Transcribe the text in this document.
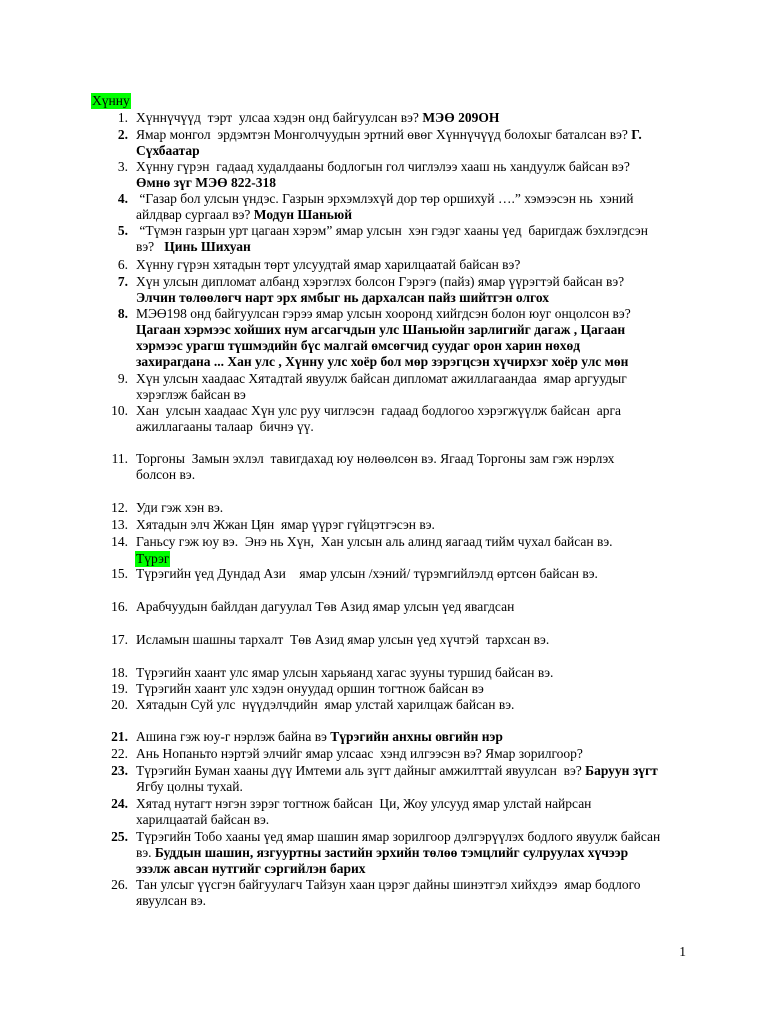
Хүнну
Түрэг
1. Хүннүчүүд  тэрт  улсаа хэдэн онд байгуулсан вэ? МЭӨ 209ОН
2. Ямар монгол  эрдэмтэн Монголчуудын эртний өвөг Хүннүчүүд болохыг баталсан вэ? Г.
Сүхбаатар
3. Хүнну гүрэн  гадаад худалдааны бодлогын гол чиглэлээ хааш нь хандуулж байсан вэ?
Өмнө зүг МЭӨ 822-318
4. “Газар бол улсын үндэс. Газрын эрхэмлэхүй дор төр оршихуй ….” хэмээсэн нь  хэний
айлдвар сургаал вэ? Модун Шаньюй
5. “Түмэн газрын урт цагаан хэрэм” ямар улсын  хэн гэдэг хааны үед  баригдаж бэхлэгдсэн
вэ?   Цинь Шихуан
6. Хүнну гүрэн хятадын төрт улсуудтай ямар харилцаатай байсан вэ?
7. Хүн улсын дипломат албанд хэрэглэх болсон Гэрэгэ (пайз) ямар үүрэгтэй байсан вэ?
Элчин төлөөлөгч нарт эрх ямбыг нь дархалсан пайз шийтгэн олгох
8. МЭӨ198 онд байгуулсан гэрээ ямар улсын хооронд хийгдсэн болон юуг онцолсон вэ?
Цагаан хэрмээс хойших нум агсагчдын улс Шаньюйн зарлигийг дагаж , Цагаан
хэрмээс урагш түшмэдийн бүс малгай өмсөгчид суудаг орон харин нөхөд
захирагдана ... Хан улс , Хүнну улс хоёр бол мөр зэрэгцсэн хүчирхэг хоёр улс мөн
9. Хүн улсын хаадаас Хятадтай явуулж байсан дипломат ажиллагаандаа  ямар аргуудыг
хэрэглэж байсан вэ
10. Хан  улсын хаадаас Хүн улс руу чиглэсэн  гадаад бодлогоо хэрэгжүүлж байсан  арга
ажиллагааны талаар  бичнэ үү.
11. Торгоны  Замын эхлэл  тавигдахад юу нөлөөлсөн вэ. Ягаад Торгоны зам гэж нэрлэх
болсон вэ.
12. Уди гэж хэн вэ.
13. Хятадын элч Жжан Цян  ямар үүрэг гүйцэтгэсэн вэ.
14. Ганьсу гэж юу вэ.  Энэ нь Хүн,  Хан улсын аль алинд яагаад тийм чухал байсан вэ.
15. Түрэгийн үед Дундад Ази    ямар улсын /хэний/ түрэмгийлэлд өртсөн байсан вэ.
16. Арабчуудын байлдан дагуулал Төв Азид ямар улсын үед явагдсан
17. Исламын шашны тархалт  Төв Азид ямар улсын үед хүчтэй  тархсан вэ.
18. Түрэгийн хаант улс ямар улсын харьяанд хагас зууны туршид байсан вэ.
19. Түрэгийн хаант улс хэдэн онуудад оршин тогтнож байсан вэ
20. Хятадын Суй улс  нүүдэлчдийн  ямар улстай харилцаж байсан вэ.
21. Ашина гэж юу-г нэрлэж байна вэ Түрэгийн анхны овгийн нэр
22. Ань Нопаньто нэртэй элчийг ямар улсаас  хэнд илгээсэн вэ? Ямар зорилгоор?
23. Түрэгийн Буман хааны дүү Имтеми аль зүгт дайныг амжилттай явуулсан  вэ? Баруун зүгт
Ягбу цолны тухай.
24. Хятад нутагт нэгэн зэрэг тогтнож байсан  Ци, Жоу улсууд ямар улстай найрсан
харилцаатай байсан вэ.
25. Түрэгийн Тобо хааны үед ямар шашин ямар зорилгоор дэлгэрүүлэх бодлого явуулж байсан
вэ. Буддын шашин, язгууртны застийн эрхийн төлөө тэмцлийг сулруулах хүчээр
эзэлж авсан нутгийг сэргийлэн барих
26. Тан улсыг үүсгэн байгуулагч Тайзун хаан цэрэг дайны шинэтгэл хийхдээ  ямар бодлого
явуулсан вэ.
1
